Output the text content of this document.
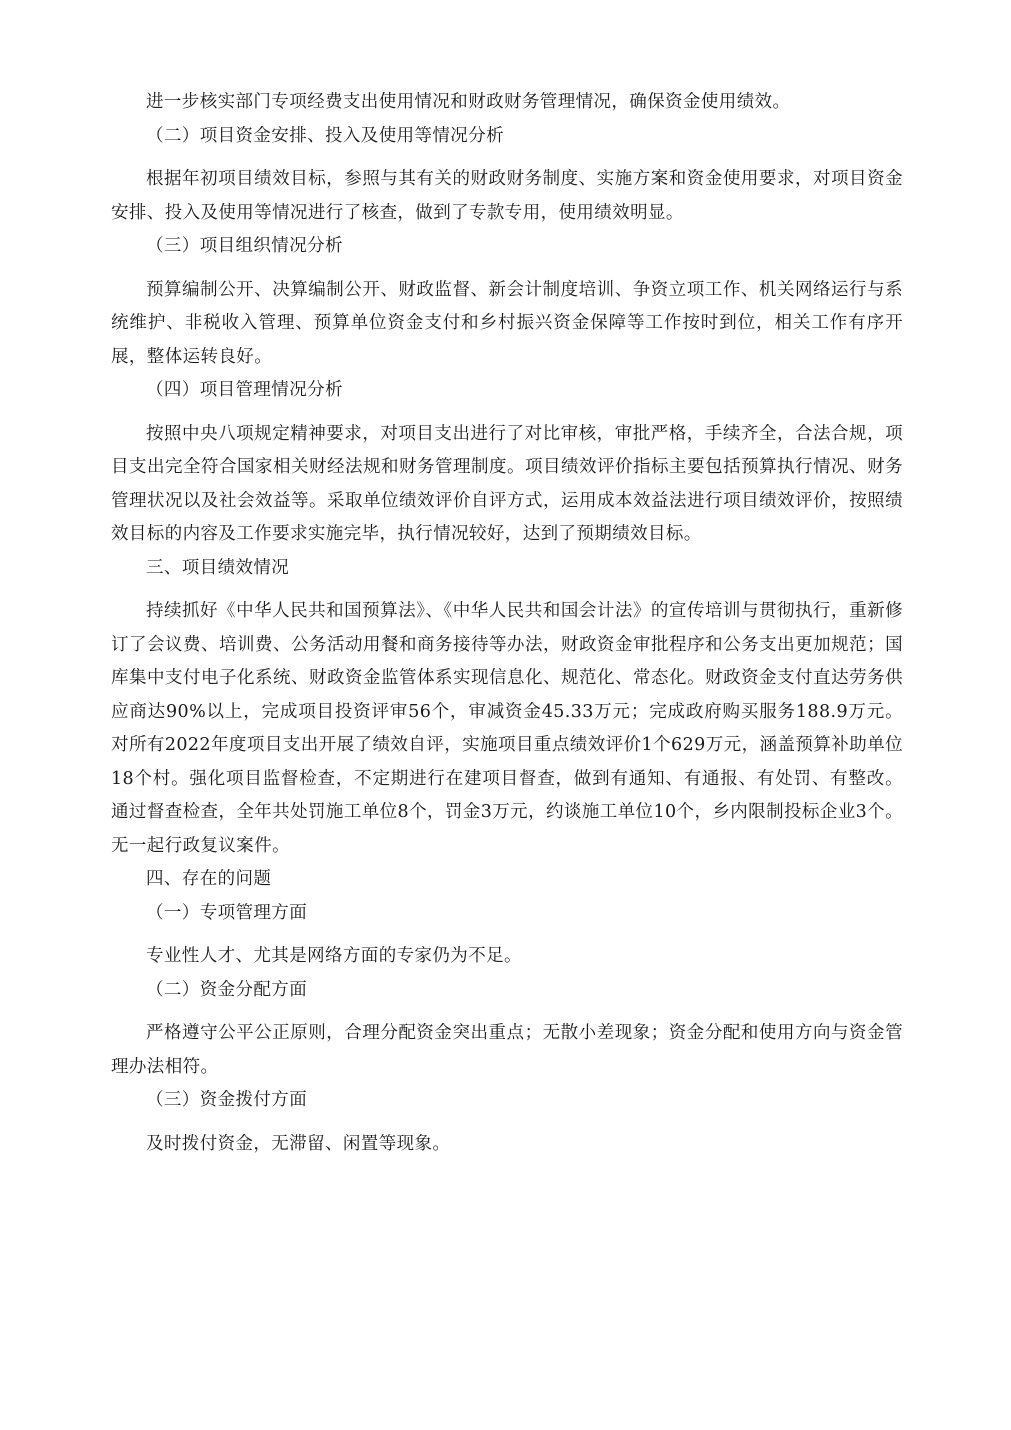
进一步核实部门专项经费支出使用情况和财政财务管理情况，确保资金使用绩效。

（二）项目资金安排、投入及使用等情况分析

根据年初项目绩效目标，参照与其有关的财政财务制度、实施方案和资金使用要求，对项目资金安排、投入及使用等情况进行了核查，做到了专款专用，使用绩效明显。

（三）项目组织情况分析

预算编制公开、决算编制公开、财政监督、新会计制度培训、争资立项工作、机关网络运行与系统维护、非税收入管理、预算单位资金支付和乡村振兴资金保障等工作按时到位，相关工作有序开展，整体运转良好。

（四）项目管理情况分析

按照中央八项规定精神要求，对项目支出进行了对比审核，审批严格，手续齐全，合法合规，项目支出完全符合国家相关财经法规和财务管理制度。项目绩效评价指标主要包括预算执行情况、财务管理状况以及社会效益等。采取单位绩效评价自评方式，运用成本效益法进行项目绩效评价，按照绩效目标的内容及工作要求实施完毕，执行情况较好，达到了预期绩效目标。

三、项目绩效情况

持续抓好《中华人民共和国预算法》、《中华人民共和国会计法》的宣传培训与贯彻执行，重新修订了会议费、培训费、公务活动用餐和商务接待等办法，财政资金审批程序和公务支出更加规范；国库集中支付电子化系统、财政资金监管体系实现信息化、规范化、常态化。财政资金支付直达劳务供应商达90%以上，完成项目投资评审56个，审减资金45.33万元；完成政府购买服务188.9万元。对所有2022年度项目支出开展了绩效自评，实施项目重点绩效评价1个629万元，涵盖预算补助单位18个村。强化项目监督检查，不定期进行在建项目督查，做到有通知、有通报、有处罚、有整改。通过督查检查，全年共处罚施工单位8个，罚金3万元，约谈施工单位10个，乡内限制投标企业3个。无一起行政复议案件。

四、存在的问题

（一）专项管理方面

专业性人才、尤其是网络方面的专家仍为不足。

（二）资金分配方面

严格遵守公平公正原则，合理分配资金突出重点；无散小差现象；资金分配和使用方向与资金管理办法相符。

（三）资金拨付方面

及时拨付资金，无滞留、闲置等现象。
